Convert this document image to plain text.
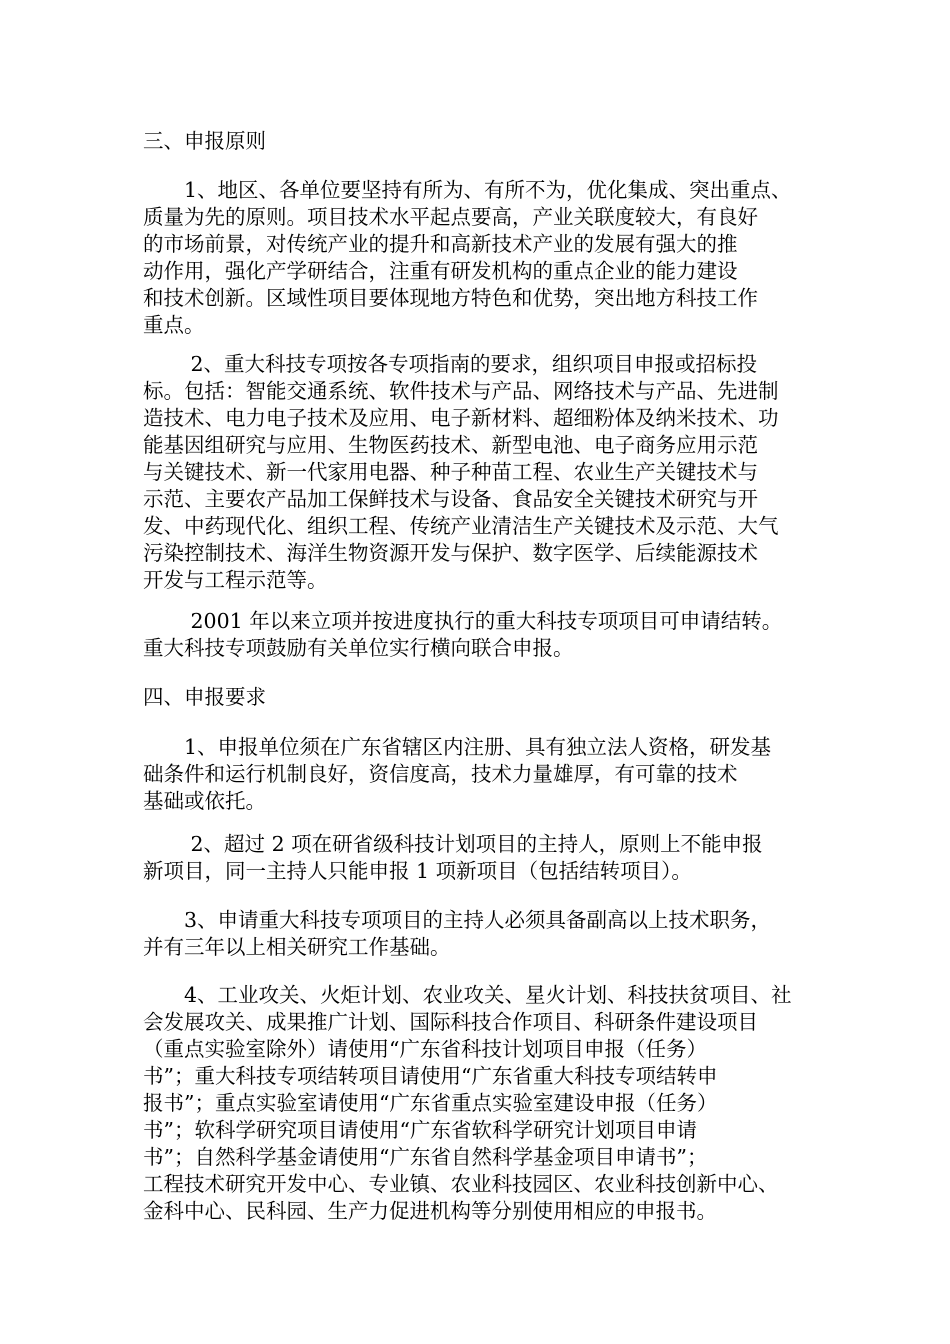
三、申报原则
　　1、地区、各单位要坚持有所为、有所不为，优化集成、突出重点、
质量为先的原则。项目技术水平起点要高，产业关联度较大，有良好
的市场前景，对传统产业的提升和高新技术产业的发展有强大的推
动作用，强化产学研结合，注重有研发机构的重点企业的能力建设
和技术创新。区域性项目要体现地方特色和优势，突出地方科技工作
重点。
　　 2、重大科技专项按各专项指南的要求，组织项目申报或招标投
标。包括：智能交通系统、软件技术与产品、网络技术与产品、先进制
造技术、电力电子技术及应用、电子新材料、超细粉体及纳米技术、功
能基因组研究与应用、生物医药技术、新型电池、电子商务应用示范
与关键技术、新一代家用电器、种子种苗工程、农业生产关键技术与
示范、主要农产品加工保鲜技术与设备、食品安全关键技术研究与开
发、中药现代化、组织工程、传统产业清洁生产关键技术及示范、大气
污染控制技术、海洋生物资源开发与保护、数字医学、后续能源技术
开发与工程示范等。
　　 2001 年以来立项并按进度执行的重大科技专项项目可申请结转。
重大科技专项鼓励有关单位实行横向联合申报。
四、申报要求
　　1、申报单位须在广东省辖区内注册、具有独立法人资格，研发基
础条件和运行机制良好，资信度高，技术力量雄厚，有可靠的技术
基础或依托。
　　 2、超过 2 项在研省级科技计划项目的主持人，原则上不能申报
新项目，同一主持人只能申报 1 项新项目（包括结转项目）。
　　3、申请重大科技专项项目的主持人必须具备副高以上技术职务，
并有三年以上相关研究工作基础。
　　4、工业攻关、火炬计划、农业攻关、星火计划、科技扶贫项目、社
会发展攻关、成果推广计划、国际科技合作项目、科研条件建设项目
（重点实验室除外）请使用“广东省科技计划项目申报（任务）
书”；重大科技专项结转项目请使用“广东省重大科技专项结转申
报书”；重点实验室请使用“广东省重点实验室建设申报（任务）
书”；软科学研究项目请使用“广东省软科学研究计划项目申请
书”；自然科学基金请使用“广东省自然科学基金项目申请书”；
工程技术研究开发中心、专业镇、农业科技园区、农业科技创新中心、
金科中心、民科园、生产力促进机构等分别使用相应的申报书。
